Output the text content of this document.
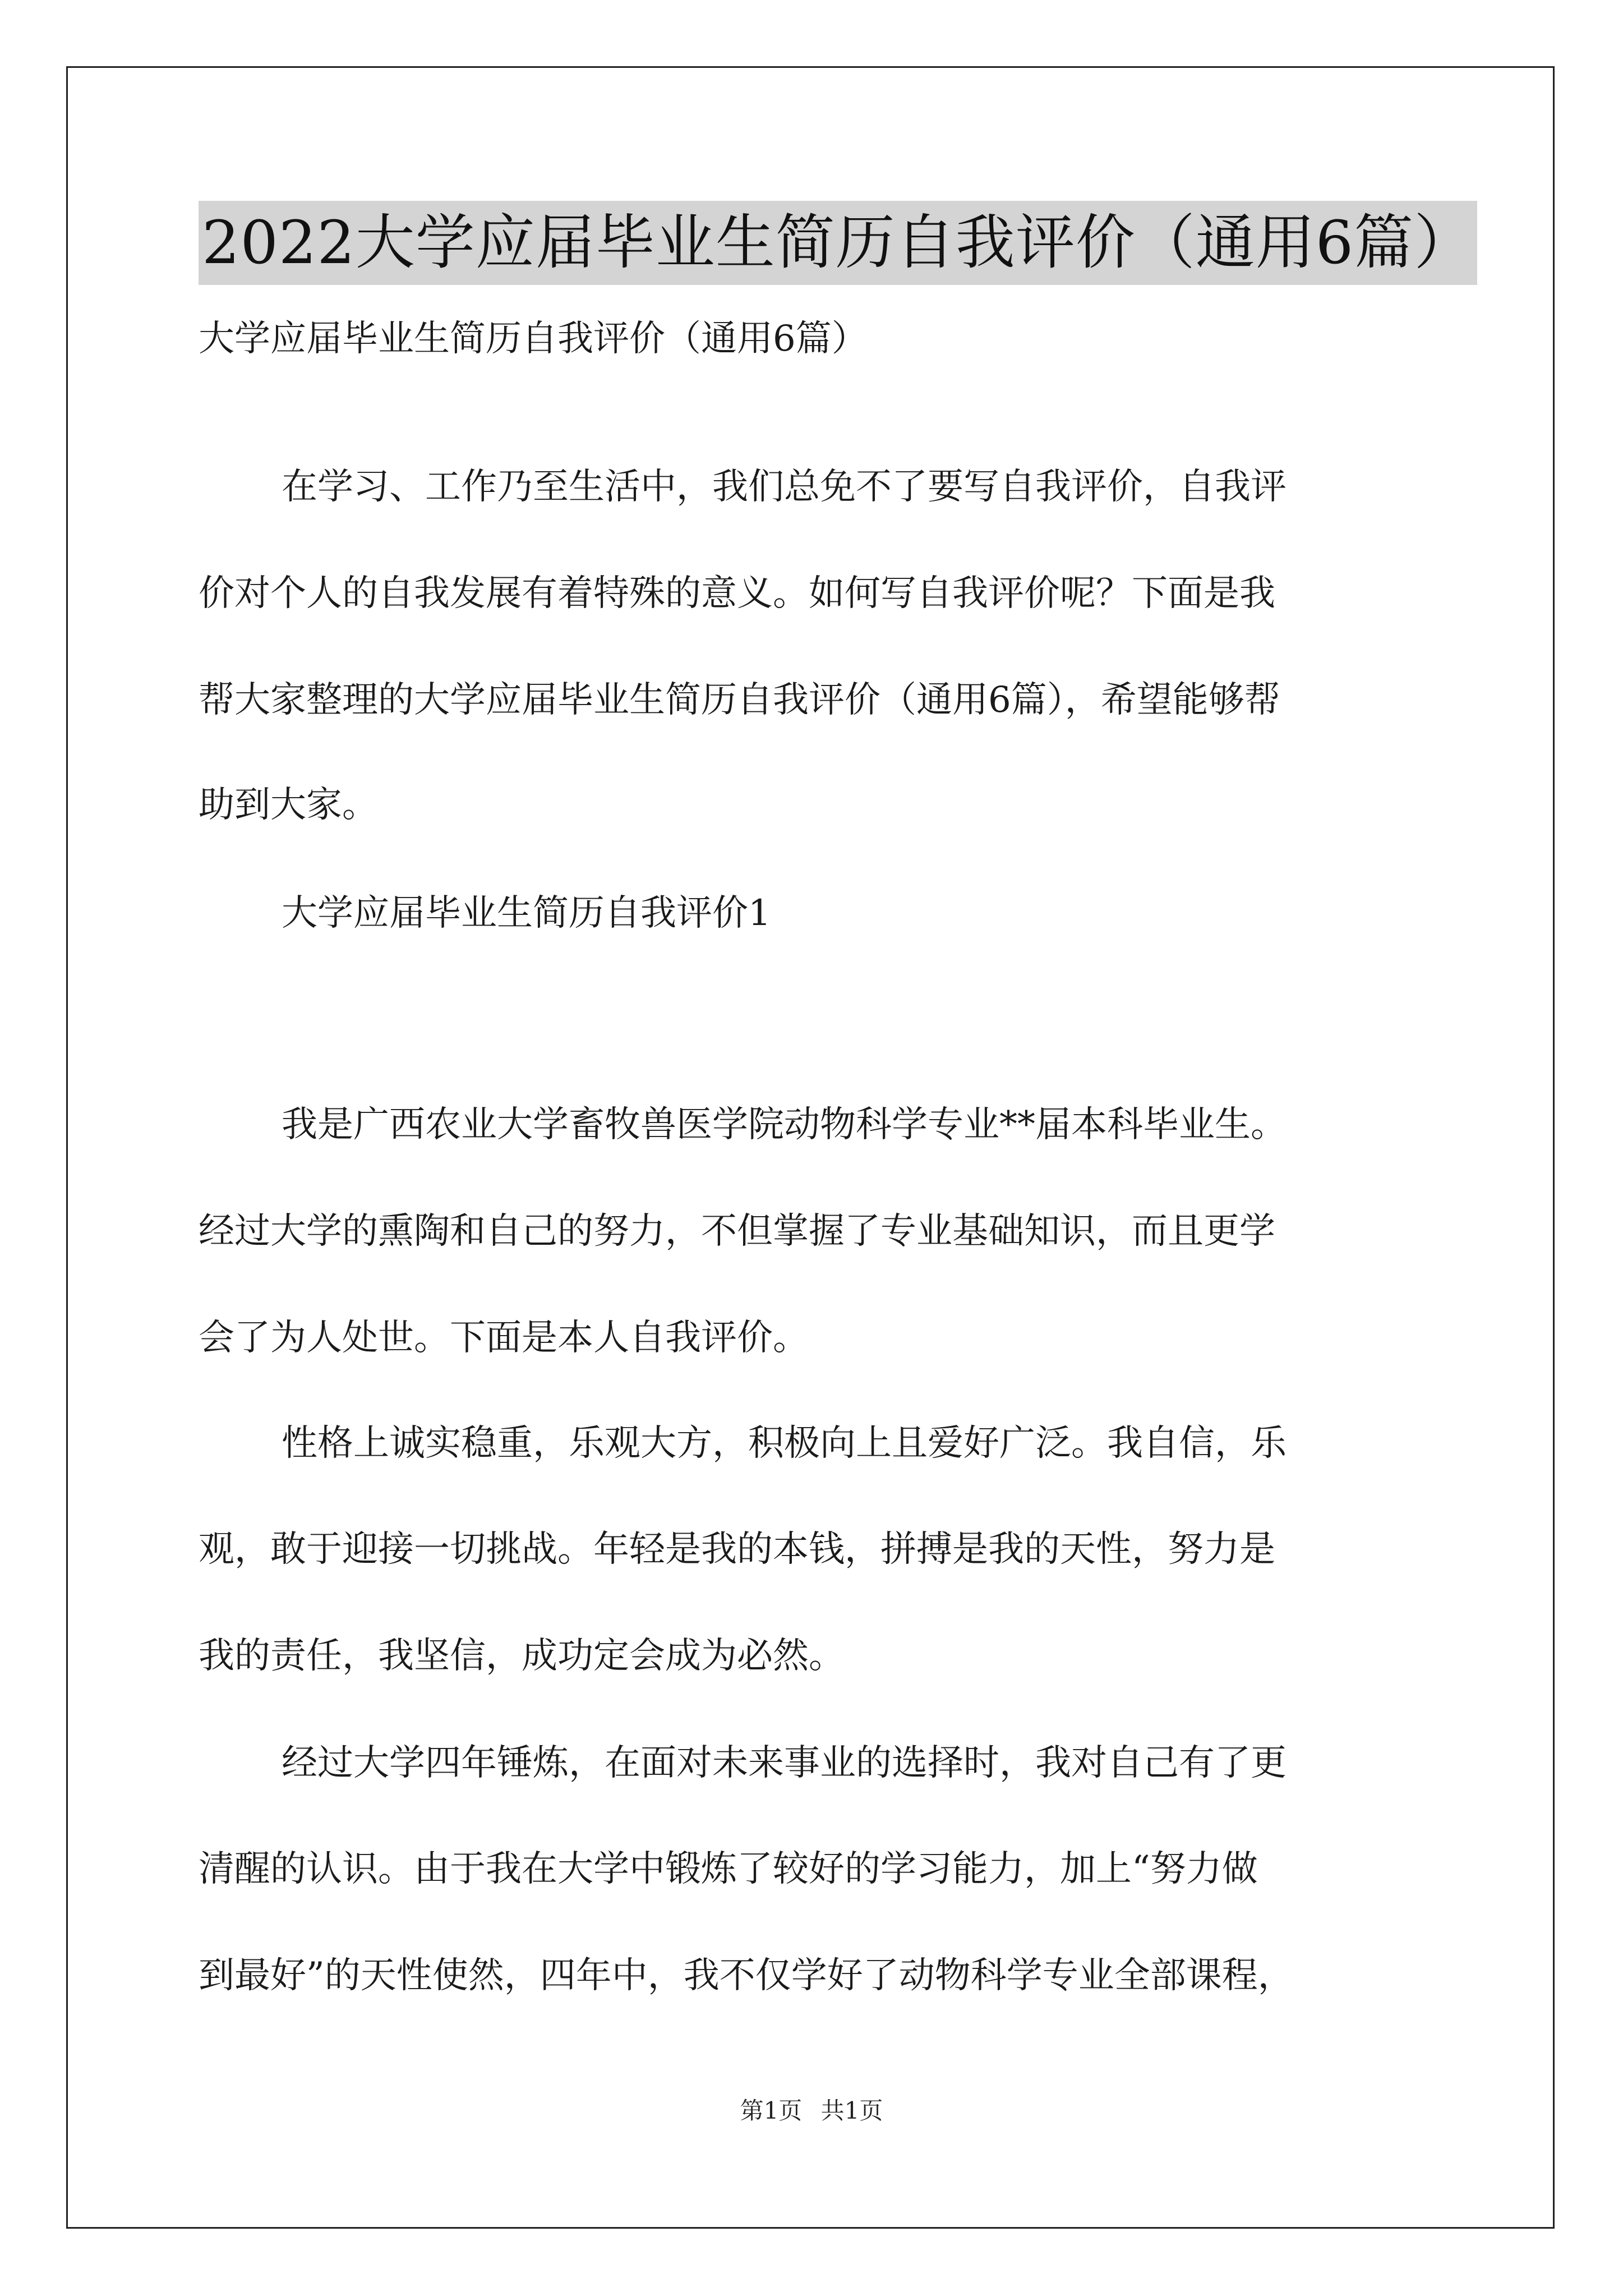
2022大学应届毕业生简历自我评价（通用6篇）
大学应届毕业生简历自我评价（通用6篇）
在学习、工作乃至生活中，我们总免不了要写自我评价，自我评
价对个人的自我发展有着特殊的意义。如何写自我评价呢？下面是我
帮大家整理的大学应届毕业生简历自我评价（通用6篇），希望能够帮
助到大家。
大学应届毕业生简历自我评价1
我是广西农业大学畜牧兽医学院动物科学专业**届本科毕业生。
经过大学的熏陶和自己的努力，不但掌握了专业基础知识，而且更学
会了为人处世。下面是本人自我评价。
性格上诚实稳重，乐观大方，积极向上且爱好广泛。我自信，乐
观，敢于迎接一切挑战。年轻是我的本钱，拼搏是我的天性，努力是
我的责任，我坚信，成功定会成为必然。
经过大学四年锤炼，在面对未来事业的选择时，我对自己有了更
清醒的认识。由于我在大学中锻炼了较好的学习能力，加上“努力做
到最好”的天性使然，四年中，我不仅学好了动物科学专业全部课程，
第1页 共1页
